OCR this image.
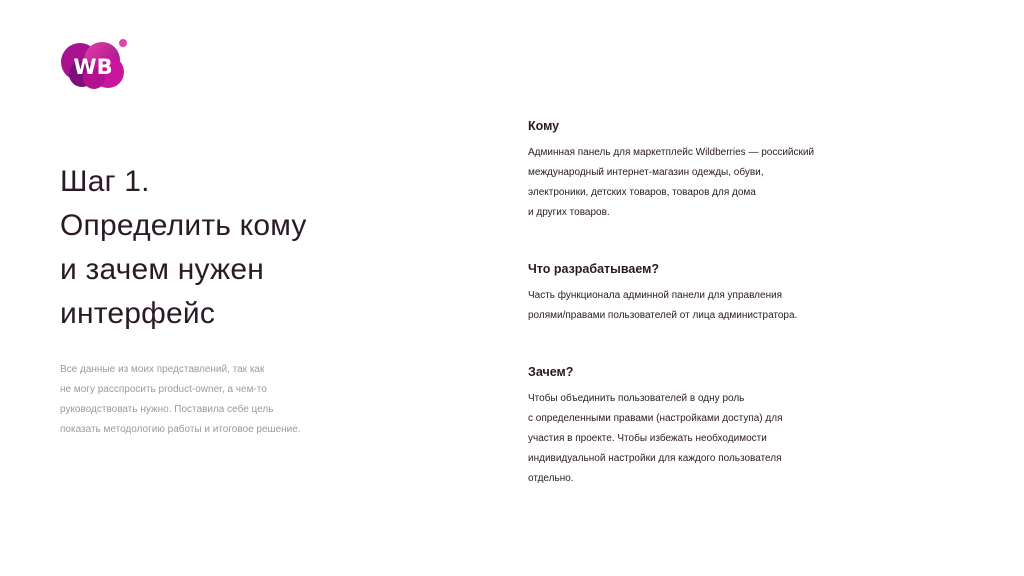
WB
Шаг 1.
Определить кому
и зачем нужен
интерфейс
Все данные из моих представлений, так как
не могу расспросить product-owner, а чем-то
руководствовать нужно. Поставила себе цель
показать методологию работы и итоговое решение.
Кому
Админная панель для маркетплейс Wildberries — российский
международный интернет-магазин одежды, обуви,
электроники, детских товаров, товаров для дома
и других товаров.
Что разрабатываем?
Часть функционала админной панели для управления
ролями/правами пользователей от лица администратора.
Зачем?
Чтобы объединить пользователей в одну роль
с определенными правами (настройками доступа) для
участия в проекте. Чтобы избежать необходимости
индивидуальной настройки для каждого пользователя
отдельно.
